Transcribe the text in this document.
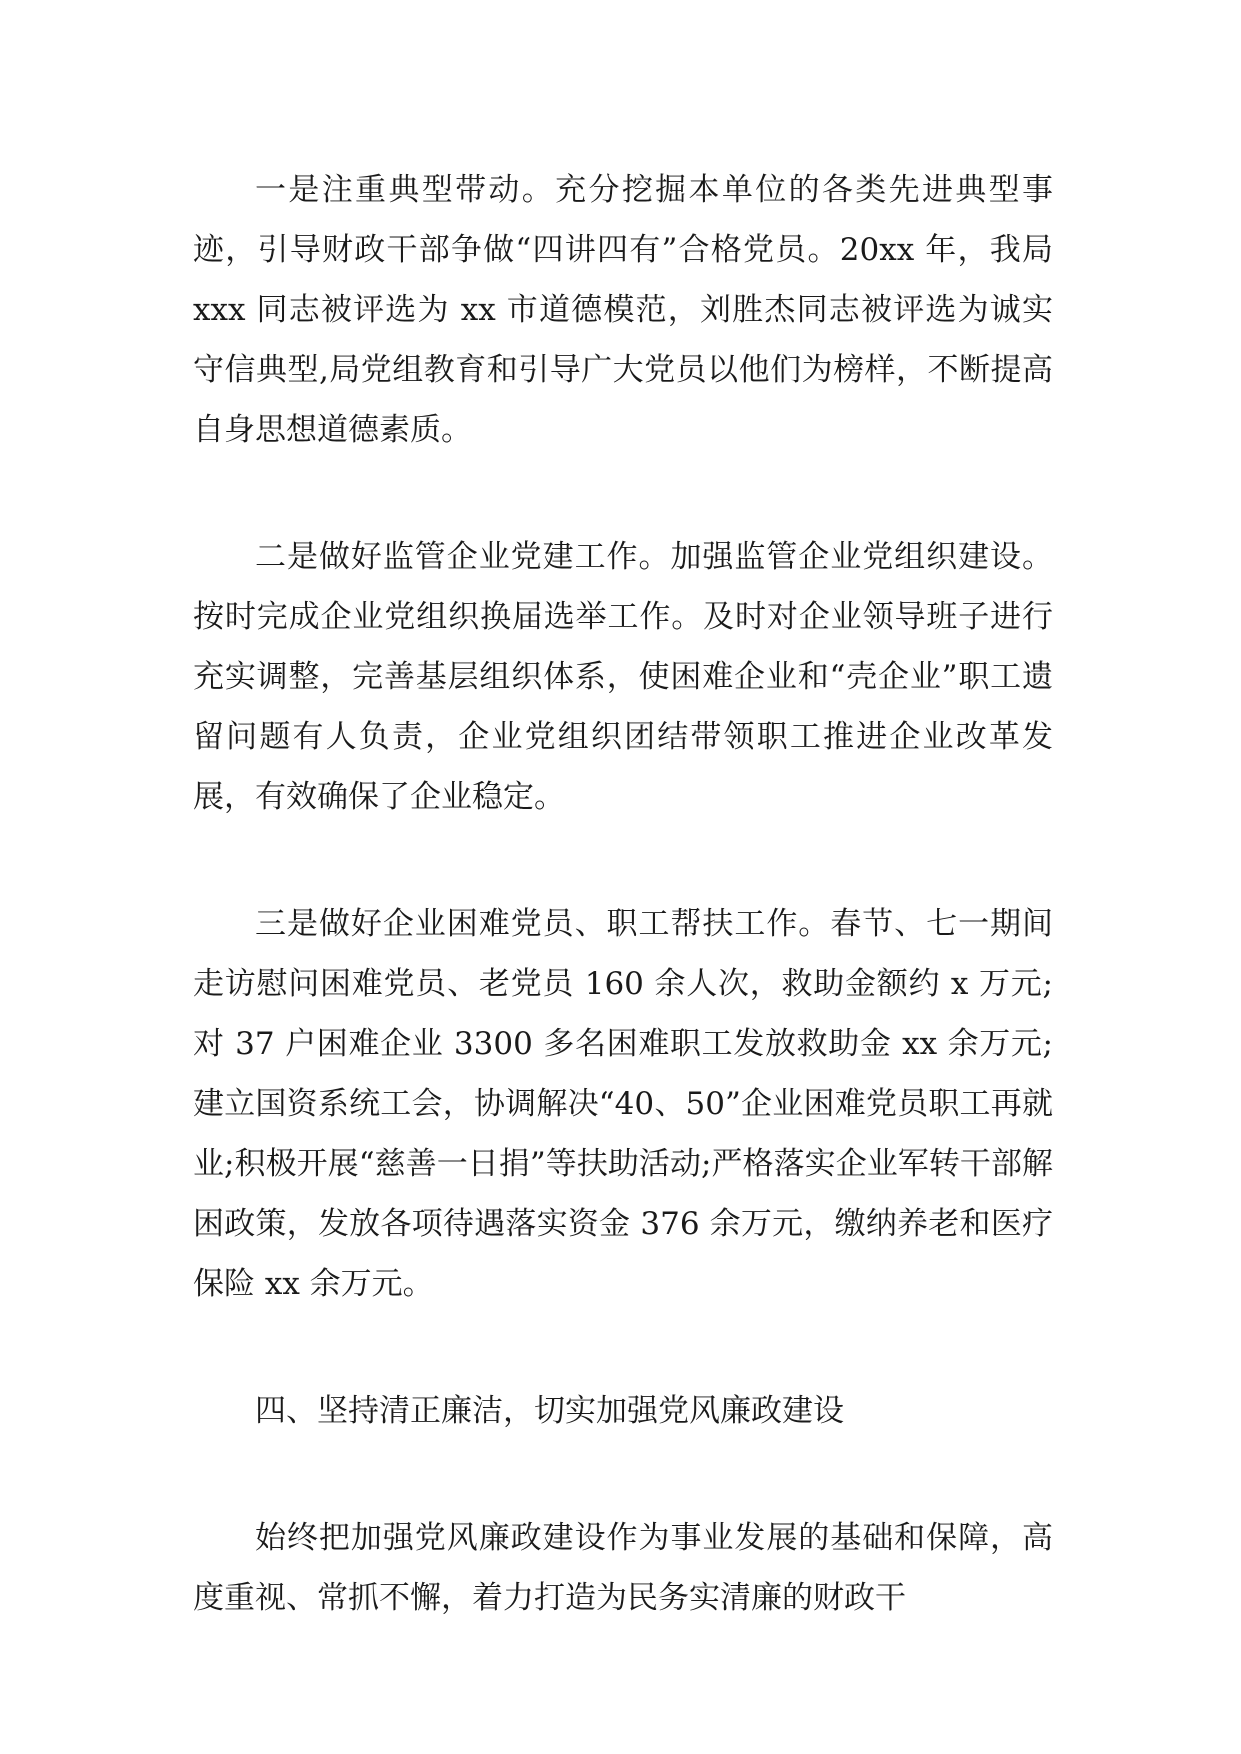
一是注重典型带动。充分挖掘本单位的各类先进典型事迹，引导财政干部争做“四讲四有”合格党员。20xx 年，我局 xxx 同志被评选为 xx 市道德模范，刘胜杰同志被评选为诚实守信典型,局党组教育和引导广大党员以他们为榜样，不断提高自身思想道德素质。

二是做好监管企业党建工作。加强监管企业党组织建设。按时完成企业党组织换届选举工作。及时对企业领导班子进行充实调整，完善基层组织体系，使困难企业和“壳企业”职工遗留问题有人负责，企业党组织团结带领职工推进企业改革发展，有效确保了企业稳定。

三是做好企业困难党员、职工帮扶工作。春节、七一期间走访慰问困难党员、老党员 160 余人次，救助金额约 x 万元;对 37 户困难企业 3300 多名困难职工发放救助金 xx 余万元;建立国资系统工会，协调解决“40、50”企业困难党员职工再就业;积极开展“慈善一日捐”等扶助活动;严格落实企业军转干部解困政策，发放各项待遇落实资金 376 余万元，缴纳养老和医疗保险 xx 余万元。

四、坚持清正廉洁，切实加强党风廉政建设

始终把加强党风廉政建设作为事业发展的基础和保障，高度重视、常抓不懈，着力打造为民务实清廉的财政干
